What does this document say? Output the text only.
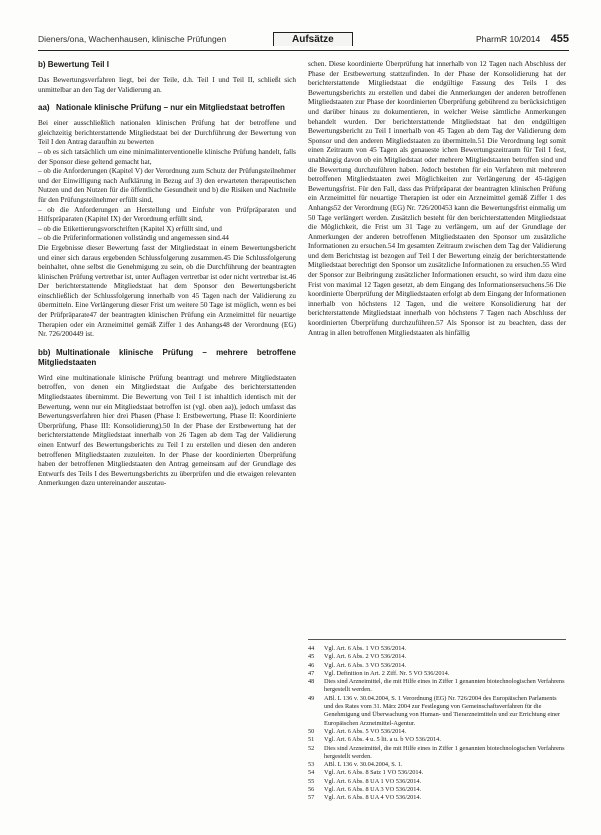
Dieners/ona, Wachenhausen, klinische Prüfungen	Aufsätze	PharmR 10/2014 455
b) Bewertung Teil I

Das Bewertungsverfahren liegt, bei der Teile, d.h. Teil I und Teil II, schließt sich unmittelbar an den Tag der Validierung an.

aa) Nationale klinische Prüfung – nur ein Mitgliedstaat betroffen

Bei einer ausschließlich nationalen klinischen Prüfung hat der betroffene und gleichzeitig berichterstattende Mitgliedstaat bei der Durchführung der Bewertung von Teil I den Antrag daraufhin zu bewerten

– ob es sich tatsächlich um eine minimalinterventionelle klinische Prüfung handelt, falls der Sponsor diese geltend gemacht hat,

– ob die Anforderungen (Kapitel V) der Verordnung zum Schutz der Prüfungsteilnehmer und der Einwilligung nach Aufklärung in Bezug auf 3) den erwarteten therapeutischen Nutzen und den Nutzen für die öffentliche Gesundheit und b) die Risiken und Nachteile für den Prüfungsteilnehmer erfüllt sind,

– ob die Anforderungen an Herstellung und Einfuhr von Prüfpräparaten und Hilfspräparaten (Kapitel IX) der Verordnung erfüllt sind,

– ob die Etikettierungsvorschriften (Kapitel X) erfüllt sind, und

– ob die Prüferinformationen vollständig und angemessen sind.44

Die Ergebnisse dieser Bewertung fasst der Mitgliedstaat in einem Bewertungsbericht und einer sich daraus ergebenden Schlussfolgerung zusammen.45 Die Schlussfolgerung beinhaltet, ohne selbst die Genehmigung zu sein, ob die Durchführung der beantragten klinischen Prüfung vertretbar ist, unter Auflagen vertretbar ist oder nicht vertretbar ist.46 Der berichterstattende Mitgliedstaat hat dem Sponsor den Bewertungsbericht einschließlich der Schlussfolgerung innerhalb von 45 Tagen nach der Validierung zu übermitteln. Eine Verlängerung dieser Frist um weitere 50 Tage ist möglich, wenn es bei der Prüfpräparate47 der beantragten klinischen Prüfung ein Arzneimittel für neuartige Therapien oder ein Arzneimittel gemäß Ziffer 1 des Anhangs48 der Verordnung (EG) Nr. 726/200449 ist.

bb) Multinationale klinische Prüfung – mehrere betroffene Mitgliedstaaten

Wird eine multinationale klinische Prüfung beantragt und mehrere Mitgliedstaaten betroffen, von denen ein Mitgliedstaat die Aufgabe des berichterstattenden Mitgliedstaates übernimmt. Die Bewertung von Teil I ist inhaltlich identisch mit der Bewertung, wenn nur ein Mitgliedstaat betroffen ist (vgl. oben aa)), jedoch umfasst das Bewertungsverfahren hier drei Phasen (Phase I: Erstbewertung, Phase II: Koordinierte Überprüfung, Phase III: Konsolidierung).50 In der Phase der Erstbewertung hat der berichterstattende Mitgliedstaat innerhalb von 26 Tagen ab dem Tag der Validierung einen Entwurf des Bewertungsberichts zu Teil I zu erstellen und diesen den anderen betroffenen Mitgliedstaaten zuzuleiten. In der Phase der koordinierten Überprüfung haben der betroffenen Mitgliedstaaten den Antrag gemeinsam auf der Grundlage des Entwurfs des Teils I des Bewertungsberichts zu überprüfen und die etwaigen relevanten Anmerkungen dazu untereinander auszutau-

schen. Diese koordinierte Überprüfung hat innerhalb von 12 Tagen nach Abschluss der Phase der Erstbewertung stattzufinden. In der Phase der Konsolidierung hat der berichterstattende Mitgliedstaat die endgültige Fassung des Teils I des Bewertungsberichts zu erstellen und dabei die Anmerkungen der anderen betroffenen Mitgliedstaaten zur Phase der koordinierten Überprüfung gebührend zu berücksichtigen und darüber hinaus zu dokumentieren, in welcher Weise sämtliche Anmerkungen behandelt wurden. Der berichterstattende Mitgliedstaat hat den endgültigen Bewertungsbericht zu Teil I innerhalb von 45 Tagen ab dem Tag der Validierung dem Sponsor und den anderen Mitgliedstaaten zu übermitteln.51 Die Verordnung legt somit einen Zeitraum von 45 Tagen als genaueste ichen Bewertungszeitraum für Teil I fest, unabhängig davon ob ein Mitgliedstaat oder mehrere Mitgliedstaaten betroffen sind und die Bewertung durchzuführen haben. Jedoch bestehen für ein Verfahren mit mehreren betroffenen Mitgliedstaaten zwei Möglichkeiten zur Verlängerung der 45-tägigen Bewertungsfrist. Für den Fall, dass das Prüfpräparat der beantragten klinischen Prüfung ein Arzneimittel für neuartige Therapien ist oder ein Arzneimittel gemäß Ziffer 1 des Anhangs52 der Verordnung (EG) Nr. 726/200453 kann die Bewertungsfrist einmalig um 50 Tage verlängert werden. Zusätzlich besteht für den berichterstattenden Mitgliedstaat die Möglichkeit, die Frist um 31 Tage zu verlängern, um auf der Grundlage der Anmerkungen der anderen betroffenen Mitgliedstaaten den Sponsor um zusätzliche Informationen zu ersuchen.54 Im gesamten Zeitraum zwischen dem Tag der Validierung und dem Berichtstag ist bezogen auf Teil I der Bewertung einzig der berichterstattende Mitgliedstaat berechtigt den Sponsor um zusätzliche Informationen zu ersuchen.55 Wird der Sponsor zur Beibringung zusätzlicher Informationen ersucht, so wird ihm dazu eine Frist von maximal 12 Tagen gesetzt, ab dem Eingang des Informationsersuchens.56 Die koordinierte Überprüfung der Mitgliedstaaten erfolgt ab dem Eingang der Informationen innerhalb von höchstens 12 Tagen, und die weitere Konsolidierung hat der berichterstattende Mitgliedstaat innerhalb von höchstens 7 Tagen nach Abschluss der koordinierten Überprüfung durchzuführen.57 Als Sponsor ist zu beachten, dass der Antrag in allen betroffenen Mitgliedstaaten als hinfällig

44	Vgl. Art. 6 Abs. 1 VO 536/2014.
45	Vgl. Art. 6 Abs. 2 VO 536/2014.
46	Vgl. Art. 6 Abs. 3 VO 536/2014.
47	Vgl. Definition in Art. 2 Ziff. Nr. 5 VO 536/2014.
48	Dies sind Arzneimittel, die mit Hilfe eines in Ziffer 1 genannten biotechnologischen Verfahrens hergestellt werden.
49	ABl. L 136 v. 30.04.2004, S. 1 Verordnung (EG) Nr. 726/2004 des Europäischen Parlaments und des Rates vom 31. März 2004 zur Festlegung von Gemeinschaftsverfahren für die Genehmigung und Überwachung von Human- und Tierarzneimitteln und zur Errichtung einer Europäischen Arzneimittel-Agentur.
50	Vgl. Art. 6 Abs. 5 VO 536/2014.
51	Vgl. Art. 6 Abs. 4 u. 5 lit. a u. b VO 536/2014.
52	Dies sind Arzneimittel, die mit Hilfe eines in Ziffer 1 genannten biotechnologischen Verfahrens hergestellt werden.
53	ABl. L 136 v. 30.04.2004, S. 1.
54	Vgl. Art. 6 Abs. 8 Satz 1 VO 536/2014.
55	Vgl. Art. 6 Abs. 8 UA 1 VO 536/2014.
56	Vgl. Art. 6 Abs. 8 UA 3 VO 536/2014.
57	Vgl. Art. 6 Abs. 8 UA 4 VO 536/2014.
